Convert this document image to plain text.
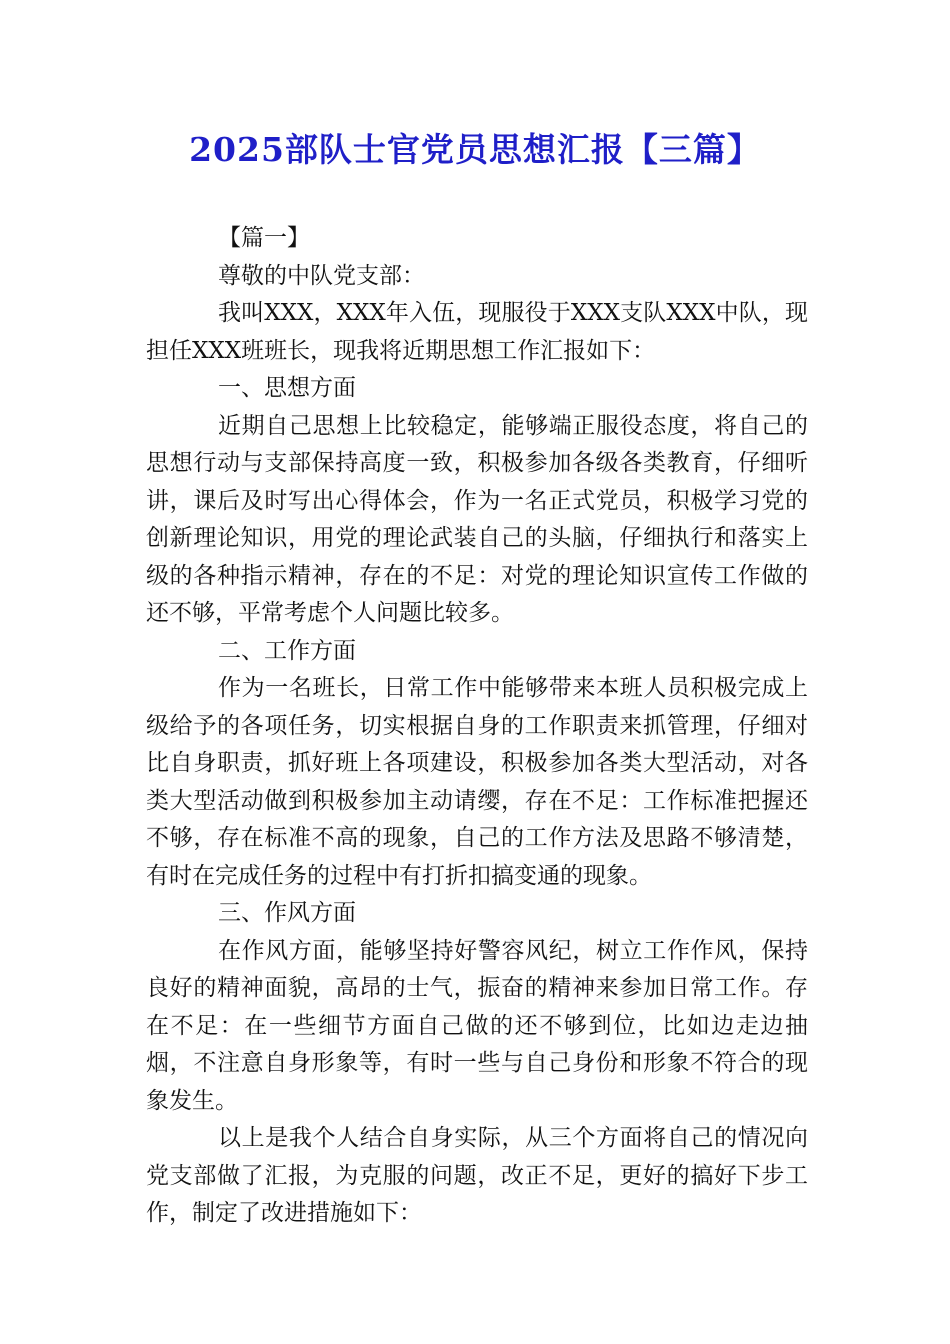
2025部队士官党员思想汇报【三篇】

【篇一】

尊敬的中队党支部：

我叫XXX，XXX年入伍，现服役于XXX支队XXX中队，现担任XXX班班长，现我将近期思想工作汇报如下：

一、思想方面

近期自己思想上比较稳定，能够端正服役态度，将自己的思想行动与支部保持高度一致，积极参加各级各类教育，仔细听讲，课后及时写出心得体会，作为一名正式党员，积极学习党的创新理论知识，用党的理论武装自己的头脑，仔细执行和落实上级的各种指示精神，存在的不足：对党的理论知识宣传工作做的还不够，平常考虑个人问题比较多。

二、工作方面

作为一名班长，日常工作中能够带来本班人员积极完成上级给予的各项任务，切实根据自身的工作职责来抓管理，仔细对比自身职责，抓好班上各项建设，积极参加各类大型活动，对各类大型活动做到积极参加主动请缨，存在不足：工作标准把握还不够，存在标准不高的现象，自己的工作方法及思路不够清楚，有时在完成任务的过程中有打折扣搞变通的现象。

三、作风方面

在作风方面，能够坚持好警容风纪，树立工作作风，保持良好的精神面貌，高昂的士气，振奋的精神来参加日常工作。存在不足：在一些细节方面自己做的还不够到位，比如边走边抽烟，不注意自身形象等，有时一些与自己身份和形象不符合的现象发生。

以上是我个人结合自身实际，从三个方面将自己的情况向党支部做了汇报，为克服的问题，改正不足，更好的搞好下步工作，制定了改进措施如下：
